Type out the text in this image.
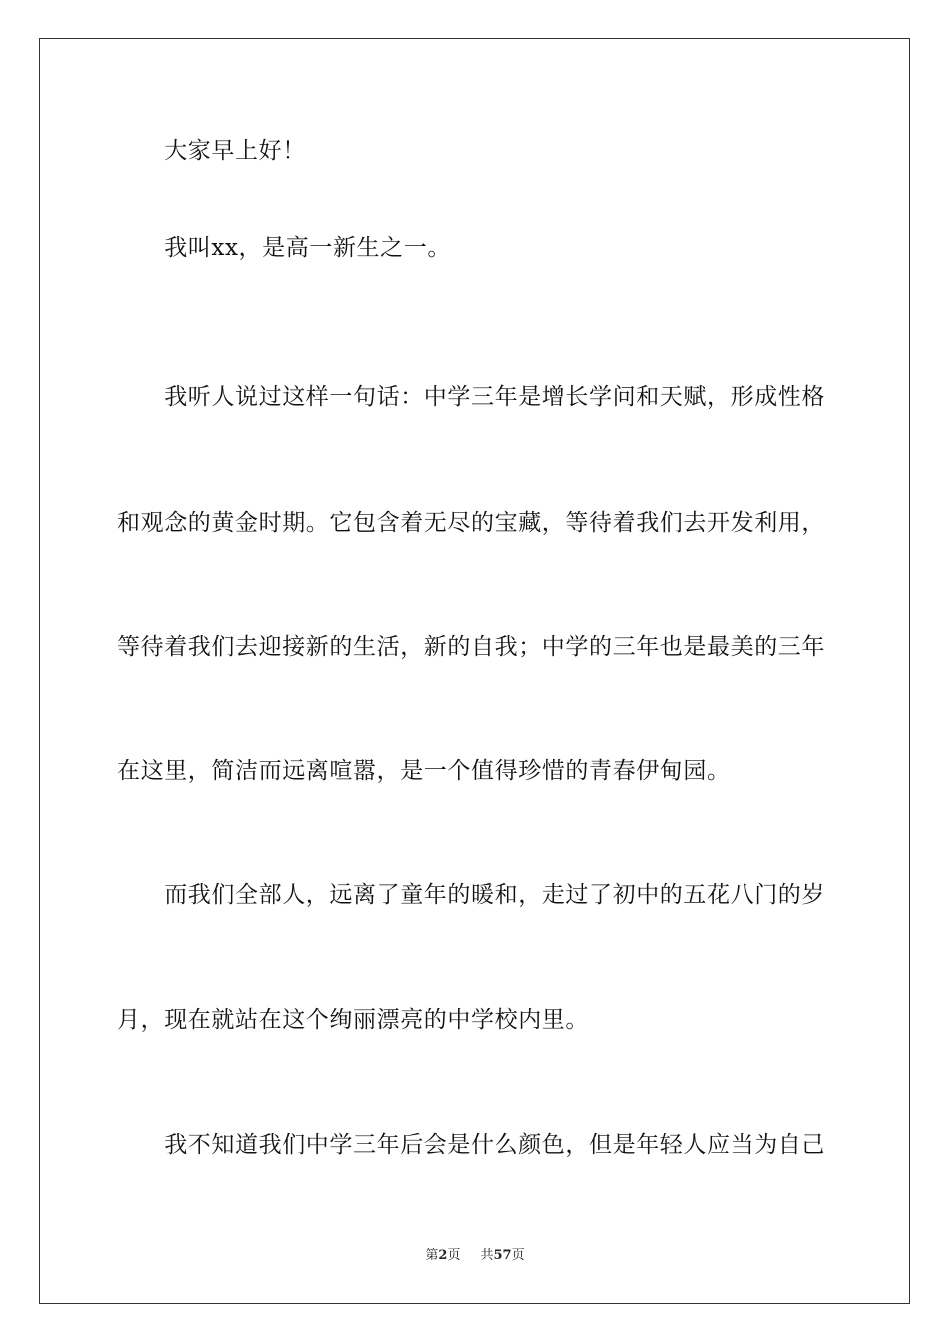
　　大家早上好！
　　我叫xx，是高一新生之一。
　　我听人说过这样一句话：中学三年是增长学问和天赋，形成性格
和观念的黄金时期。它包含着无尽的宝藏，等待着我们去开发利用，
等待着我们去迎接新的生活，新的自我；中学的三年也是最美的三年
在这里，简洁而远离喧嚣，是一个值得珍惜的青春伊甸园。
　　而我们全部人，远离了童年的暖和，走过了初中的五花八门的岁
月，现在就站在这个绚丽漂亮的中学校内里。
　　我不知道我们中学三年后会是什么颜色，但是年轻人应当为自己
第2页 共57页
